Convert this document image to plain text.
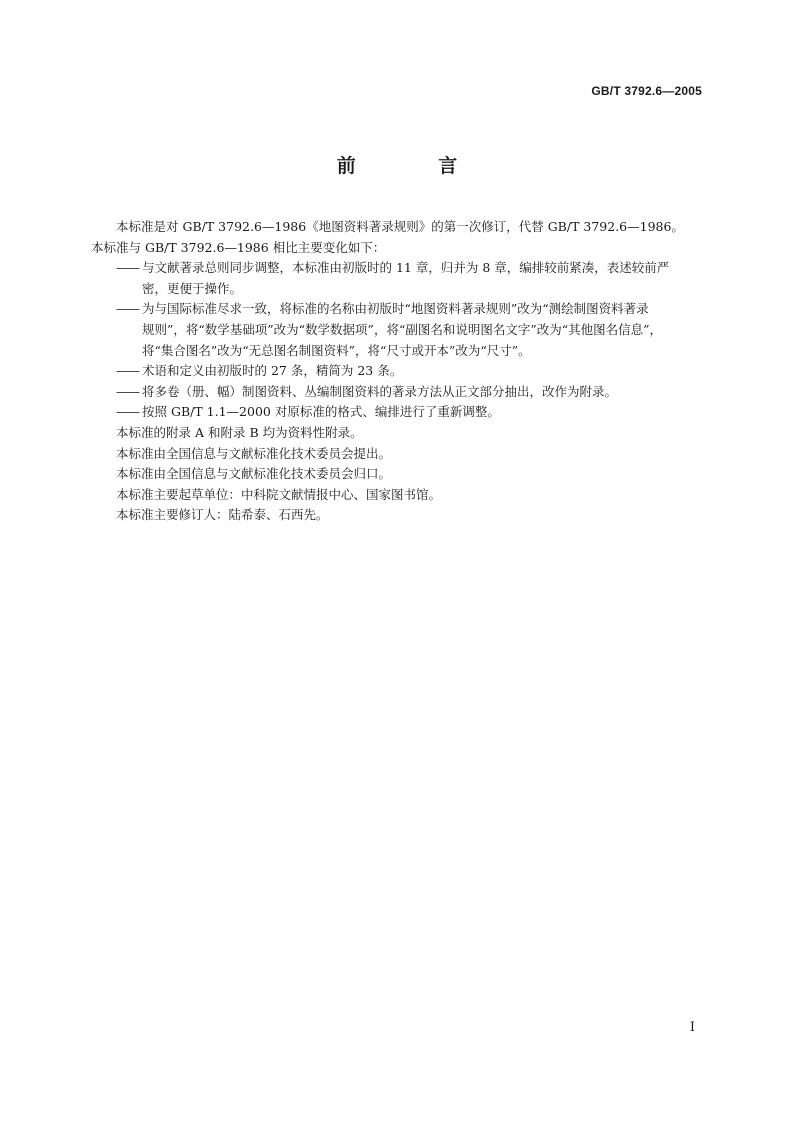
GB/T 3792.6—2005
前 言

本标准是对 GB/T 3792.6—1986《地图资料著录规则》的第一次修订，代替 GB/T 3792.6—1986。

本标准与 GB/T 3792.6—1986 相比主要变化如下：

—— 与文献著录总则同步调整，本标准由初版时的 11 章，归并为 8 章，编排较前紧凑，表述较前严
密，更便于操作。
—— 为与国际标准尽求一致，将标准的名称由初版时“地图资料著录规则”改为“测绘制图资料著录
规则”，将“数学基础项”改为“数学数据项”，将“副图名和说明图名文字”改为“其他图名信息”，
将“集合图名”改为“无总图名制图资料”，将“尺寸或开本”改为“尺寸”。
—— 术语和定义由初版时的 27 条，精简为 23 条。
—— 将多卷（册、幅）制图资料、丛编制图资料的著录方法从正文部分抽出，改作为附录。
—— 按照 GB/T 1.1—2000 对原标准的格式、编排进行了重新调整。

本标准的附录 A 和附录 B 均为资料性附录。

本标准由全国信息与文献标准化技术委员会提出。

本标准由全国信息与文献标准化技术委员会归口。

本标准主要起草单位：中科院文献情报中心、国家图书馆。

本标准主要修订人：陆希泰、石西先。

I
